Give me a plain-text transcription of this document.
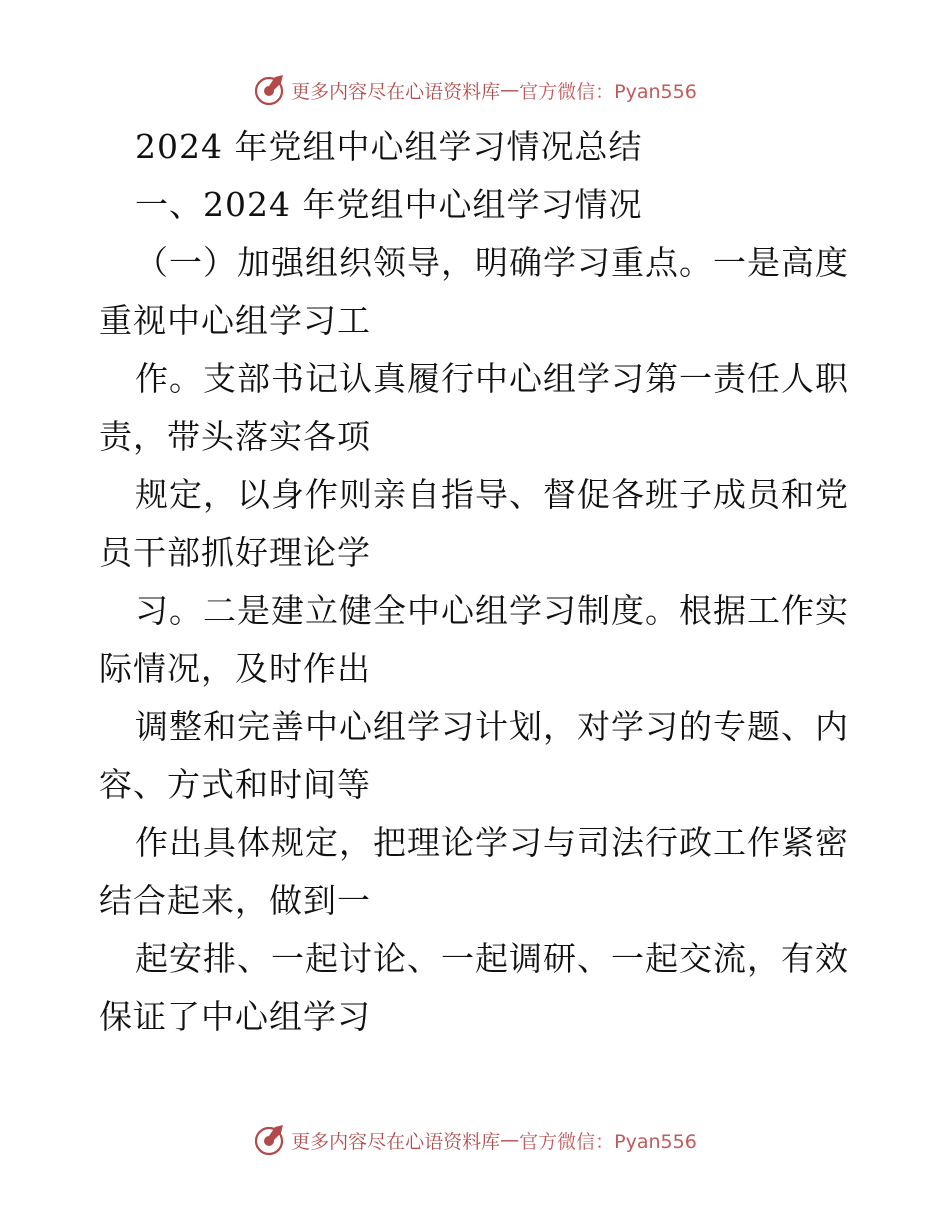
更多内容尽在心语资料库 — 官方微信：Pyan556
2024 年党组中心组学习情况总结
一、2024 年党组中心组学习情况
（一）加强组织领导，明确学习重点。一是高度
重视中心组学习工
作。支部书记认真履行中心组学习第一责任人职
责，带头落实各项
规定，以身作则亲自指导、督促各班子成员和党
员干部抓好理论学
习。二是建立健全中心组学习制度。根据工作实
际情况，及时作出
调整和完善中心组学习计划，对学习的专题、内
容、方式和时间等
作出具体规定，把理论学习与司法行政工作紧密
结合起来，做到一
起安排、一起讨论、一起调研、一起交流，有效
保证了中心组学习
更多内容尽在心语资料库 — 官方微信：Pyan556
